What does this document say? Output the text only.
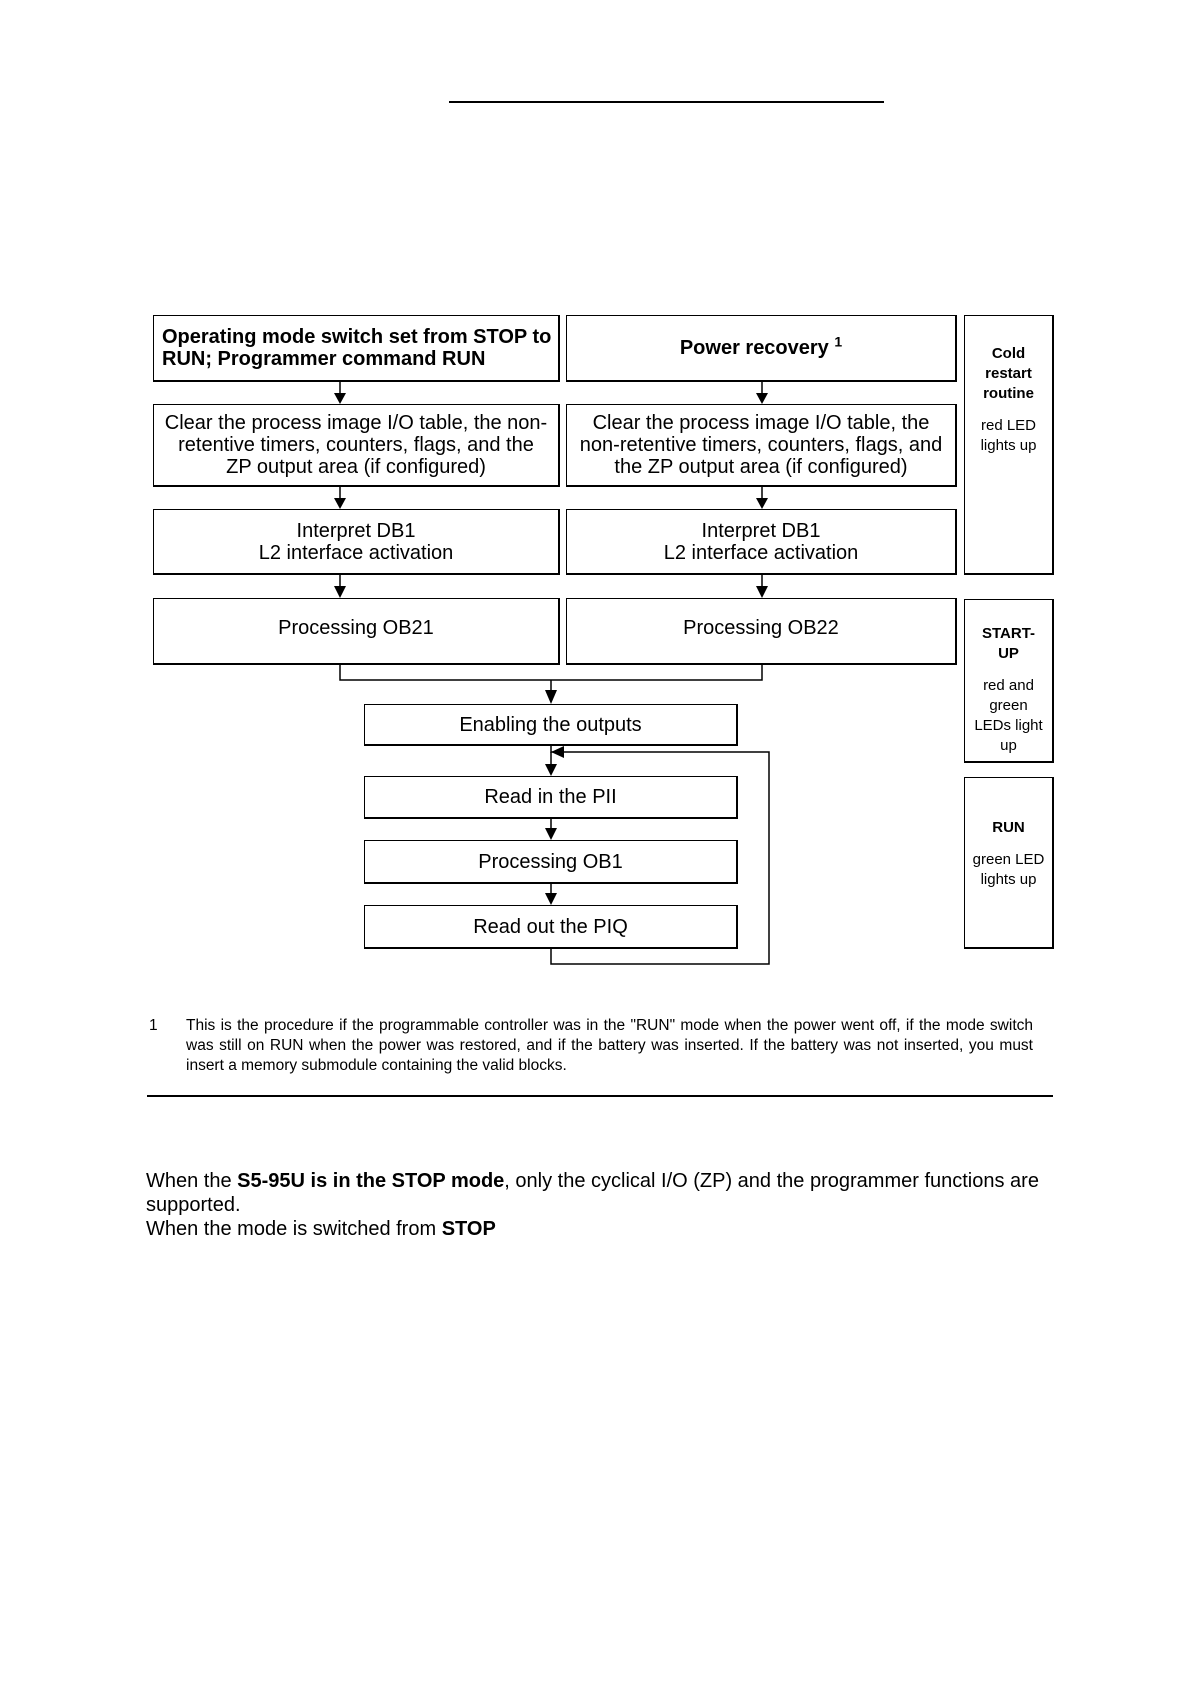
Operating mode switch set from STOP to RUN; Programmer command RUN
Clear the process image I/O table, the non-retentive timers, counters, flags, and the ZP output area (if configured)
Interpret DB1
L2 interface activation
Processing OB21
Power recovery $^1$
Clear the process image I/O table, the non-retentive timers, counters, flags, and the ZP output area (if configured)
Interpret DB1
L2 interface activation
Processing OB22
Enabling the outputs
Read in the PII
Processing OB1
Read out the PIQ
Cold restart routine
red LED lights up
START-UP
red and green LEDs light up
RUN
green LED lights up
1 This is the procedure if the programmable controller was in the "RUN" mode when the power went off, if the mode switch was still on RUN when the power was restored, and if the battery was inserted. If the battery was not inserted, you must insert a memory submodule containing the valid blocks.
When the S5-95U is in the STOP mode, only the cyclical I/O (ZP) and the programmer functions are supported.
When the mode is switched from STOP
